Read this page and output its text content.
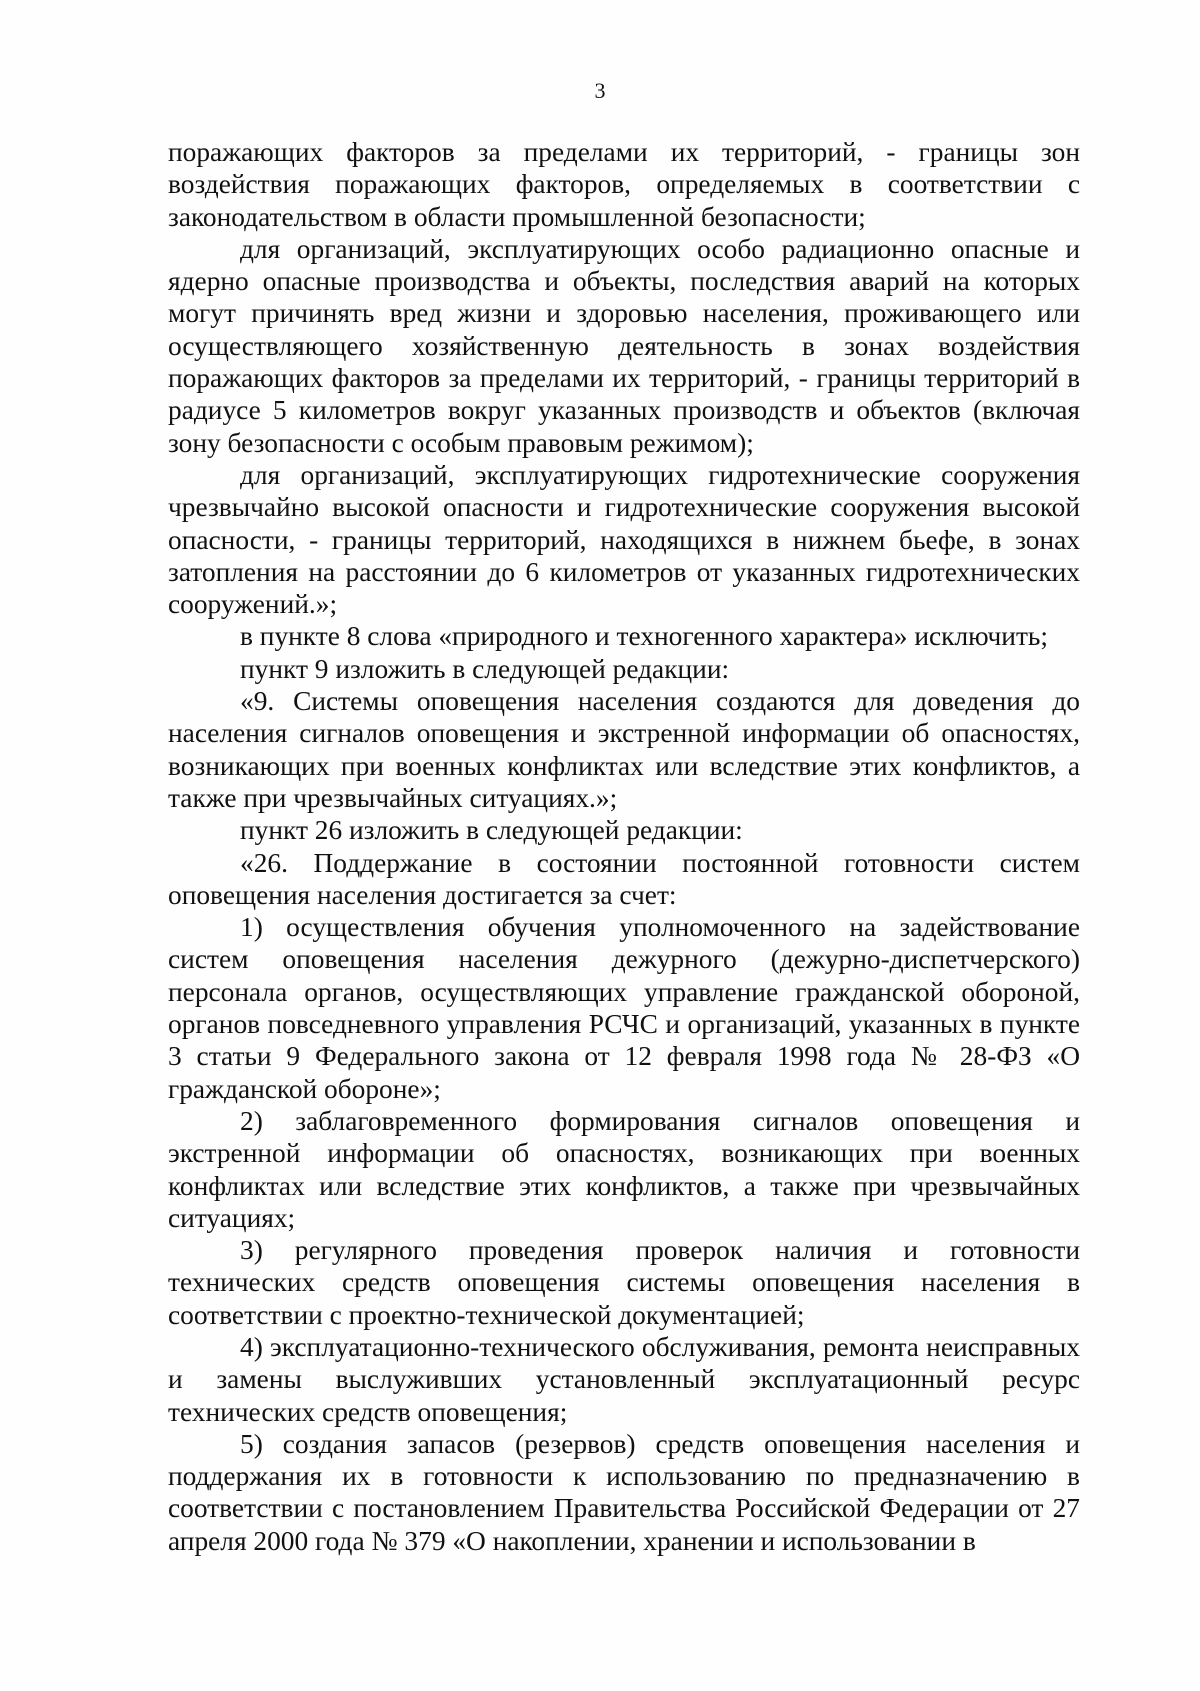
3

поражающих факторов за пределами их территорий, - границы зон воздействия поражающих факторов, определяемых в соответствии с законодательством в области промышленной безопасности;

для организаций, эксплуатирующих особо радиационно опасные и ядерно опасные производства и объекты, последствия аварий на которых могут причинять вред жизни и здоровью населения, проживающего или осуществляющего хозяйственную деятельность в зонах воздействия поражающих факторов за пределами их территорий, - границы территорий в радиусе 5 километров вокруг указанных производств и объектов (включая зону безопасности с особым правовым режимом);

для организаций, эксплуатирующих гидротехнические сооружения чрезвычайно высокой опасности и гидротехнические сооружения высокой опасности, - границы территорий, находящихся в нижнем бьефе, в зонах затопления на расстоянии до 6 километров от указанных гидротехнических сооружений.»;

в пункте 8 слова «природного и техногенного характера» исключить;

пункт 9 изложить в следующей редакции:

«9. Системы оповещения населения создаются для доведения до населения сигналов оповещения и экстренной информации об опасностях, возникающих при военных конфликтах или вследствие этих конфликтов, а также при чрезвычайных ситуациях.»;

пункт 26 изложить в следующей редакции:

«26. Поддержание в состоянии постоянной готовности систем оповещения населения достигается за счет:

1) осуществления обучения уполномоченного на задействование систем оповещения населения дежурного (дежурно-диспетчерского) персонала органов, осуществляющих управление гражданской обороной, органов повседневного управления РСЧС и организаций, указанных в пункте 3 статьи 9 Федерального закона от 12 февраля 1998 года № 28-ФЗ «О гражданской обороне»;

2) заблаговременного формирования сигналов оповещения и экстренной информации об опасностях, возникающих при военных конфликтах или вследствие этих конфликтов, а также при чрезвычайных ситуациях;

3) регулярного проведения проверок наличия и готовности технических средств оповещения системы оповещения населения в соответствии с проектно-технической документацией;

4) эксплуатационно-технического обслуживания, ремонта неисправных и замены выслуживших установленный эксплуатационный ресурс технических средств оповещения;

5) создания запасов (резервов) средств оповещения населения и поддержания их в готовности к использованию по предназначению в соответствии с постановлением Правительства Российской Федерации от 27 апреля 2000 года № 379 «О накоплении, хранении и использовании в
